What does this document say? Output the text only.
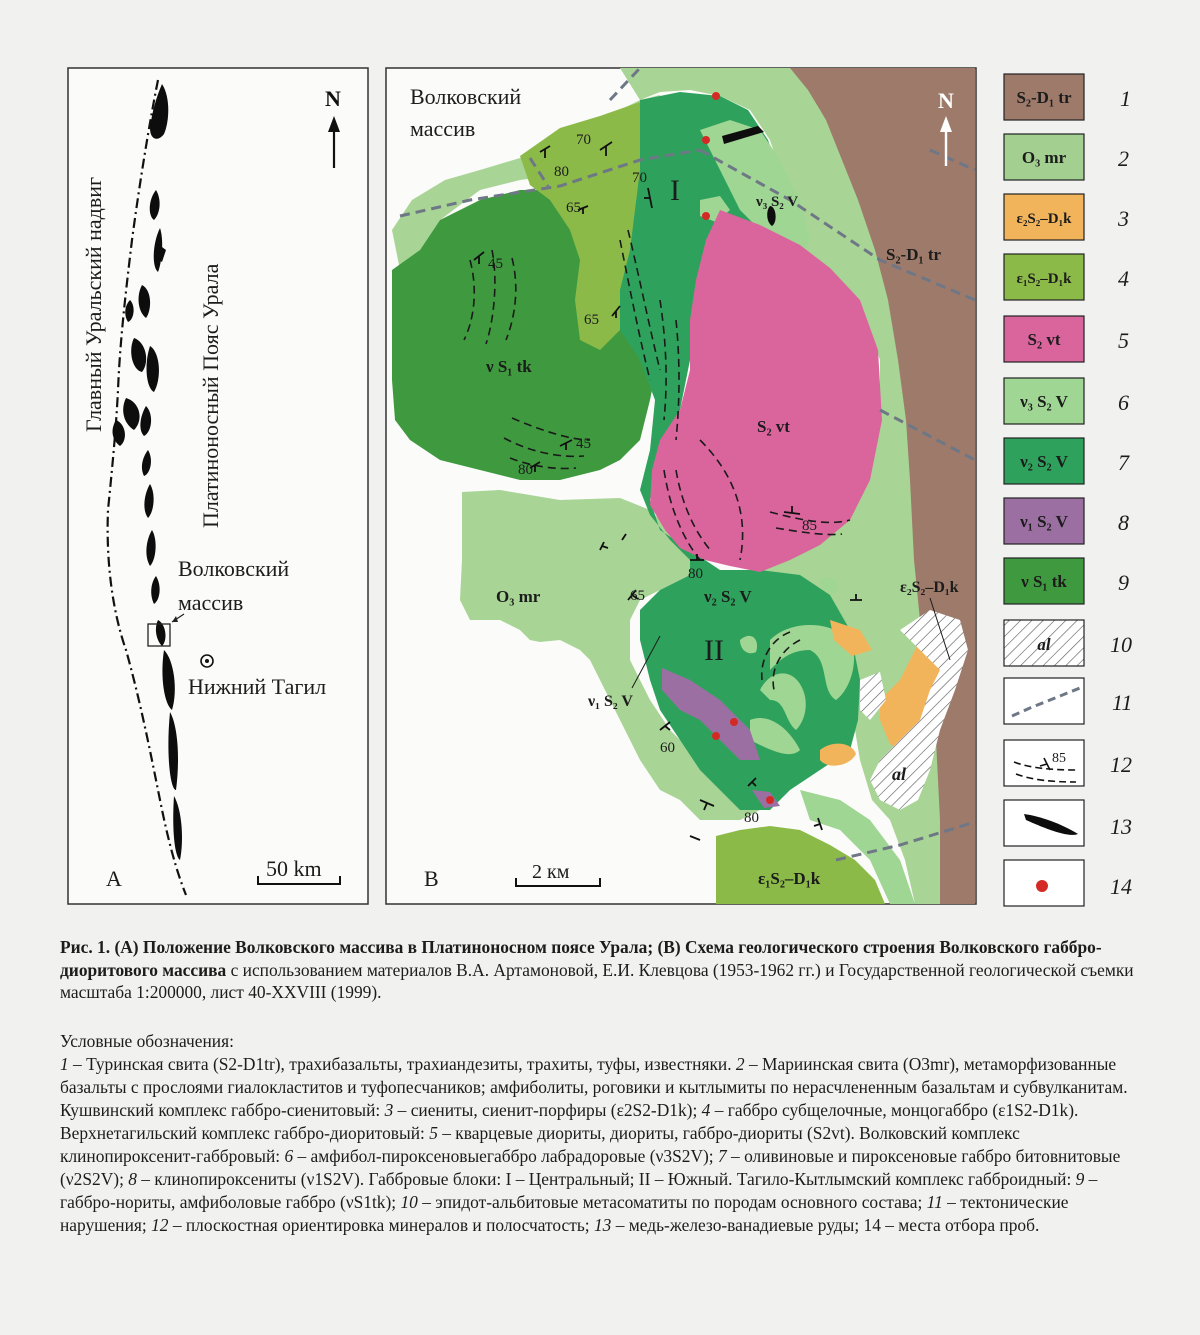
N
Главный Уральский надвиг	Платиноносный Пояс Урала
Волковский
массив
Нижний Тагил
А	50 km
Волковский
массив
N
I
II
S₂-D₁ tr
S₂ vt
ν S₁ tk
O₃ mr
ν₃ S₂ V
ν₂ S₂ V
ν₁ S₂ V
ε₂S₂–D₁k
ε₁S₂–D₁k
al
70
80
65
70
45
65
45
80
85
80
65
60
80
B	2 км
S₂-D₁ tr
O₃ mr
ε₂S₂–D₁k
ε₁S₂–D₁k
S₂ vt
ν₃ S₂ V
ν₂ S₂ V
ν₁ S₂ V
ν S₁ tk
al
85
1
2
3
4
5
6
7
8
9
10
11
12
13
14
Рис. 1. (А) Положение Волковского массива в Платиноносном поясе Урала; (В) Схема геологического строения Волковского габбро-диоритового массива с использованием материалов В.А. Артамоновой, Е.И. Клевцова (1953-1962 гг.) и Государственной геологической съемки масштаба 1:200000, лист 40-XXVIII (1999).
Условные обозначения:
1 – Туринская свита (S2-D1tr), трахибазальты, трахиандезиты, трахиты, туфы, известняки. 2 – Мариинская свита (O3mr), метаморфизованные базальты с прослоями гиалокластитов и туфопесчаников; амфиболиты, роговики и кытлымиты по нерасчлененным базальтам и субвулканитам. Кушвинский комплекс габбро-сиенитовый: 3 – сиениты, сиенит-порфиры (ε2S2-D1k); 4 – габбро субщелочные, монцогаббро (ε1S2-D1k). Верхнетагильский комплекс габбро-диоритовый: 5 – кварцевые диориты, диориты, габбро-диориты (S2vt). Волковский комплекс клинопироксенит-габбровый: 6 – амфибол-пироксеновыегаббро лабрадоровые (ν3S2V); 7 – оливиновые и пироксеновые габбро битовнитовые (ν2S2V); 8 – клинопироксениты (ν1S2V). Габбровые блоки: I – Центральный; II – Южный. Тагило-Кытлымский комплекс габброидный: 9 – габбро-нориты, амфиболовые габбро (νS1tk); 10 – эпидот-альбитовые метасоматиты по породам основного состава; 11 – тектонические нарушения; 12 – плоскостная ориентировка минералов и полосчатость; 13 – медь-железо-ванадиевые руды; 14 – места отбора проб.
